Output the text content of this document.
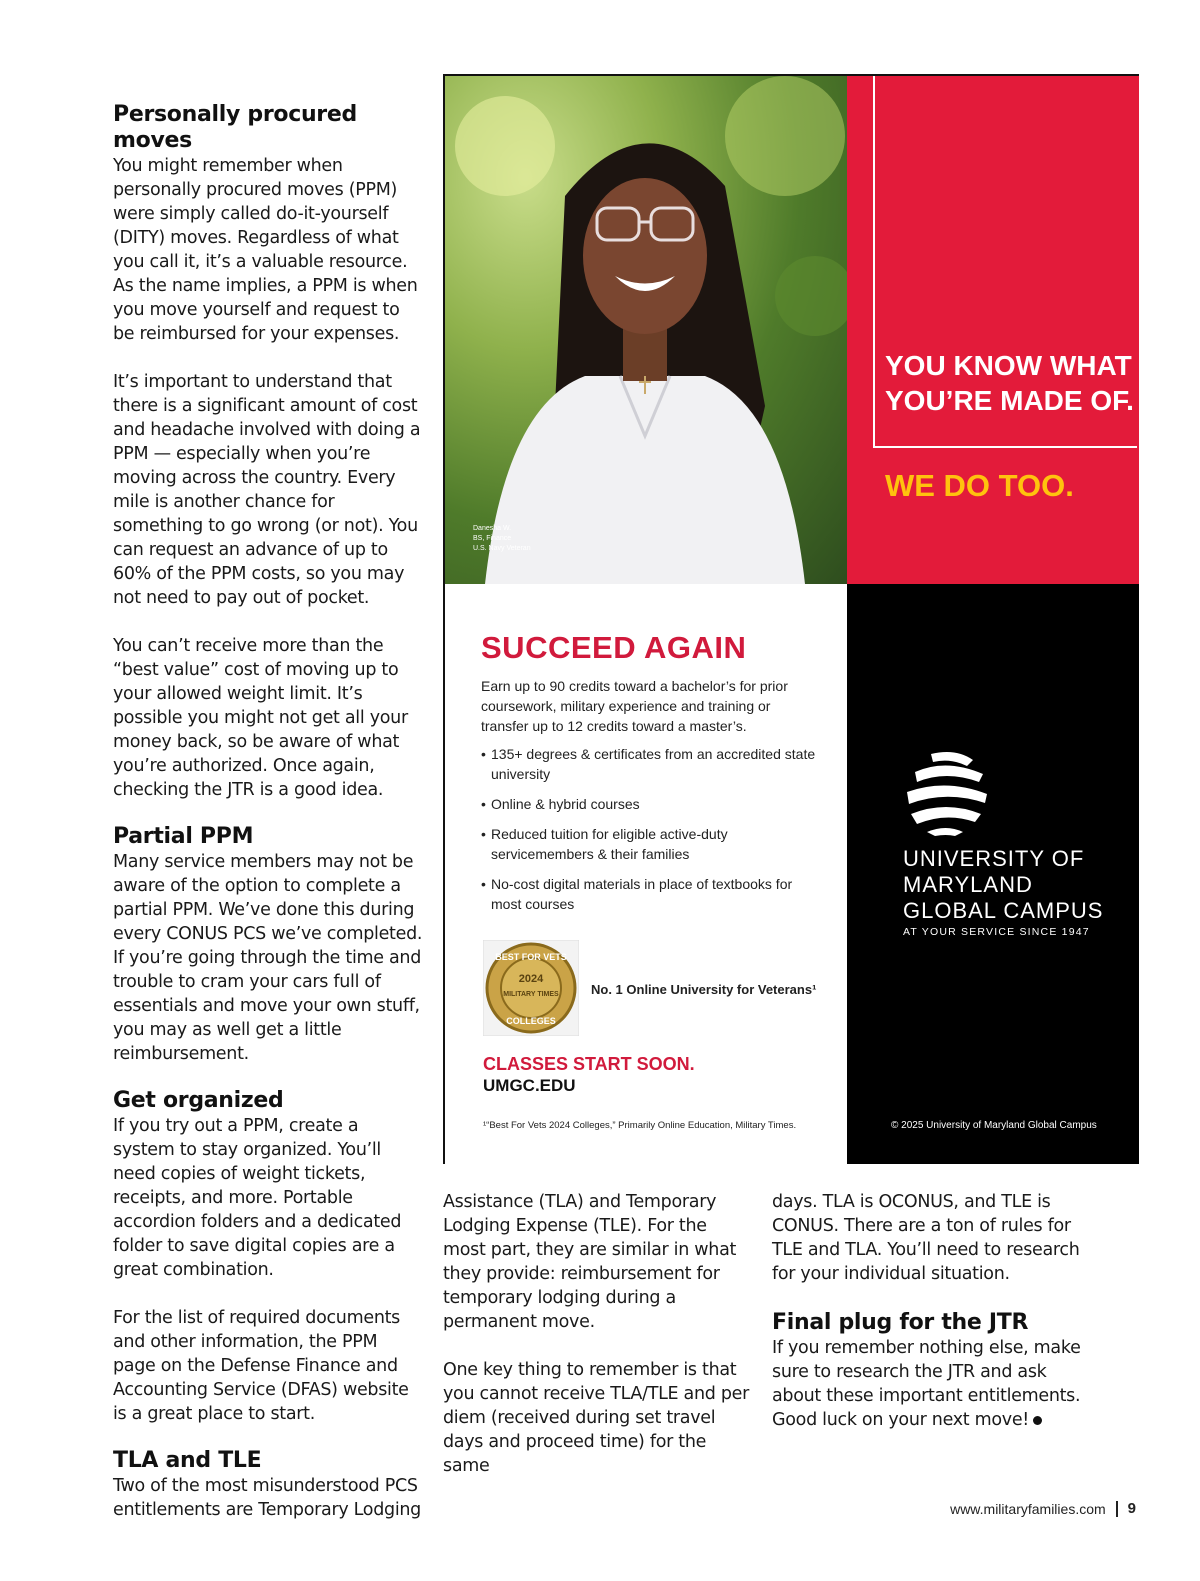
Personally procured moves

You might remember when personally procured moves (PPM) were simply called do-it-yourself (DITY) moves. Regardless of what you call it, it’s a valuable resource. As the name implies, a PPM is when you move yourself and request to be reimbursed for your expenses.

It’s important to understand that there is a significant amount of cost and headache involved with doing a PPM — especially when you’re moving across the country. Every mile is another chance for something to go wrong (or not). You can request an advance of up to 60% of the PPM costs, so you may not need to pay out of pocket.

You can’t receive more than the “best value” cost of moving up to your allowed weight limit. It’s possible you might not get all your money back, so be aware of what you’re authorized. Once again, checking the JTR is a good idea.

Partial PPM

Many service members may not be aware of the option to complete a partial PPM. We’ve done this during every CONUS PCS we’ve completed. If you’re going through the time and trouble to cram your cars full of essentials and move your own stuff, you may as well get a little reimbursement.

Get organized

If you try out a PPM, create a system to stay organized. You’ll need copies of weight tickets, receipts, and more. Portable accordion folders and a dedicated folder to save digital copies are a great combination.

For the list of required documents and other information, the PPM page on the Defense Finance and Accounting Service (DFAS) website is a great place to start.

TLA and TLE

Two of the most misunderstood PCS entitlements are Temporary Lodging

Danesha W.
BS, Finance
U.S. Navy Veteran
YOU KNOW WHAT YOU’RE MADE OF.
WE DO TOO.
SUCCEED AGAIN
Earn up to 90 credits toward a bachelor’s for prior coursework, military experience and training or transfer up to 12 credits toward a master’s.
• 135+ degrees & certificates from an accredited state university
• Online & hybrid courses
• Reduced tuition for eligible active-duty servicemembers & their families
• No-cost digital materials in place of textbooks for most courses
BEST FOR VETS
2024
MILITARY TIMES
COLLEGES
No. 1 Online University for Veterans¹
CLASSES START SOON.
UMGC.EDU
¹“Best For Vets 2024 Colleges,” Primarily Online Education, Military Times.
UNIVERSITY OF
MARYLAND
GLOBAL CAMPUS
AT YOUR SERVICE SINCE 1947
© 2025 University of Maryland Global Campus

Assistance (TLA) and Temporary Lodging Expense (TLE). For the most part, they are similar in what they provide: reimbursement for temporary lodging during a permanent move.

One key thing to remember is that you cannot receive TLA/TLE and per diem (received during set travel days and proceed time) for the same

days. TLA is OCONUS, and TLE is CONUS. There are a ton of rules for TLE and TLA. You’ll need to research for your individual situation.

Final plug for the JTR

If you remember nothing else, make sure to research the JTR and ask about these important entitlements. Good luck on your next move!

www.militaryfamilies.com 9
